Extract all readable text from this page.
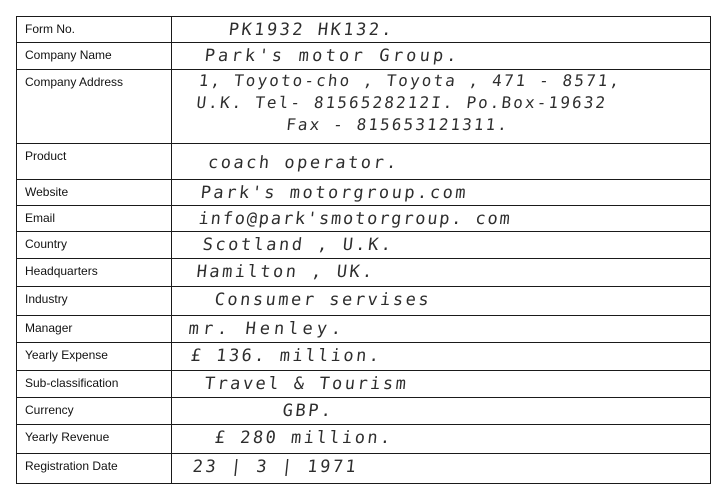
Form No.	PK1932 HK132.

Company Name	Park's motor Group.

Company Address	1, Toyoto-cho , Toyota , 471 - 8571,
U.K. Tel- 8156528212I. Po.Box-19632
Fax - 815653121311.

Product	coach operator.

Website	Park's motorgroup.com

Email	info@park'smotorgroup. com

Country	Scotland , U.K.

Headquarters	Hamilton , UK.

Industry	Consumer servises

Manager	mr. Henley.

Yearly Expense	£ 136. million.

Sub-classification	Travel & Tourism

Currency	GBP.

Yearly Revenue	£ 280 million.

Registration Date	23 | 3 | 1971
